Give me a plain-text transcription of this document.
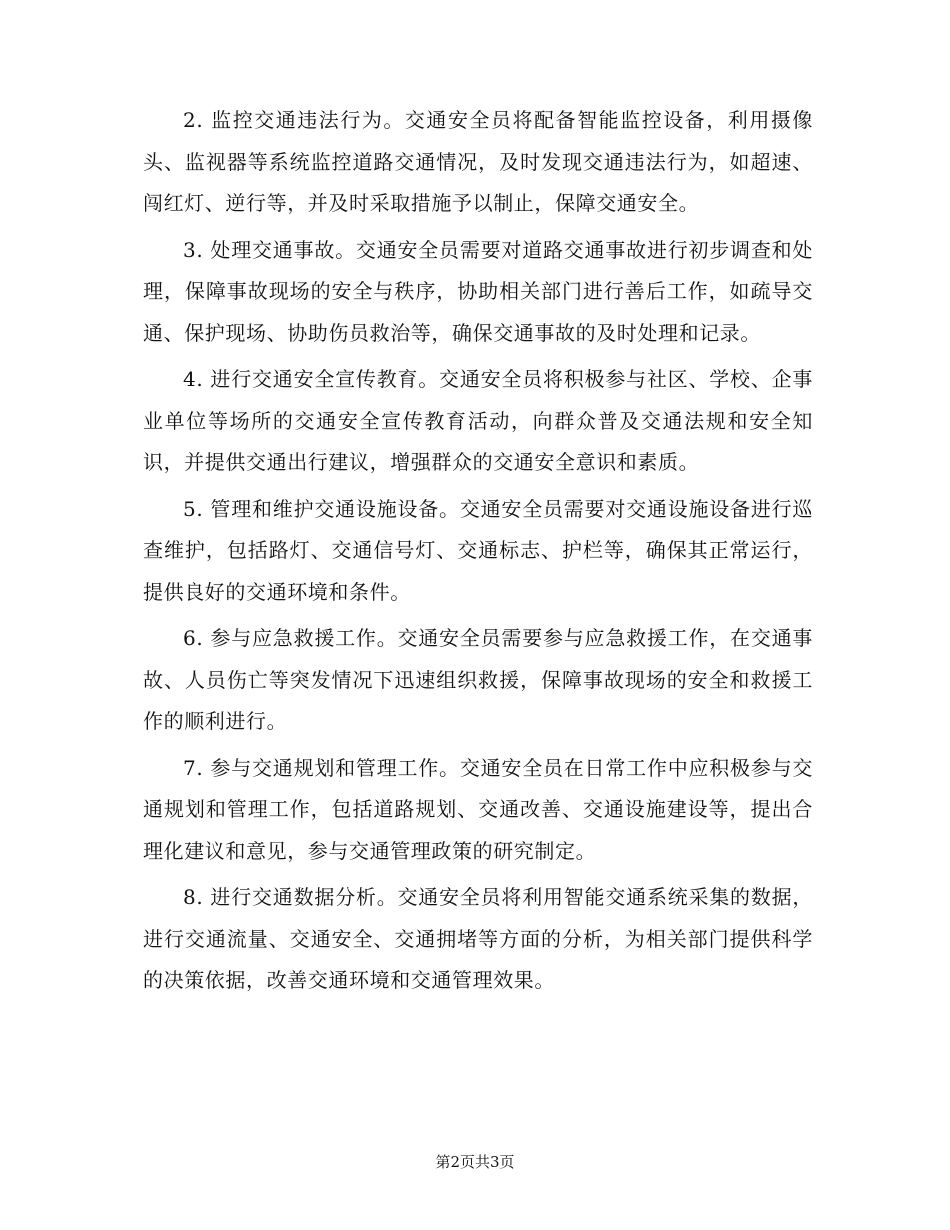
2. 监控交通违法行为。交通安全员将配备智能监控设备，利用摄像头、监视器等系统监控道路交通情况，及时发现交通违法行为，如超速、闯红灯、逆行等，并及时采取措施予以制止，保障交通安全。

3. 处理交通事故。交通安全员需要对道路交通事故进行初步调查和处理，保障事故现场的安全与秩序，协助相关部门进行善后工作，如疏导交通、保护现场、协助伤员救治等，确保交通事故的及时处理和记录。

4. 进行交通安全宣传教育。交通安全员将积极参与社区、学校、企事业单位等场所的交通安全宣传教育活动，向群众普及交通法规和安全知识，并提供交通出行建议，增强群众的交通安全意识和素质。

5. 管理和维护交通设施设备。交通安全员需要对交通设施设备进行巡查维护，包括路灯、交通信号灯、交通标志、护栏等，确保其正常运行，提供良好的交通环境和条件。

6. 参与应急救援工作。交通安全员需要参与应急救援工作，在交通事故、人员伤亡等突发情况下迅速组织救援，保障事故现场的安全和救援工作的顺利进行。

7. 参与交通规划和管理工作。交通安全员在日常工作中应积极参与交通规划和管理工作，包括道路规划、交通改善、交通设施建设等，提出合理化建议和意见，参与交通管理政策的研究制定。

8. 进行交通数据分析。交通安全员将利用智能交通系统采集的数据，进行交通流量、交通安全、交通拥堵等方面的分析，为相关部门提供科学的决策依据，改善交通环境和交通管理效果。

第2页共3页
